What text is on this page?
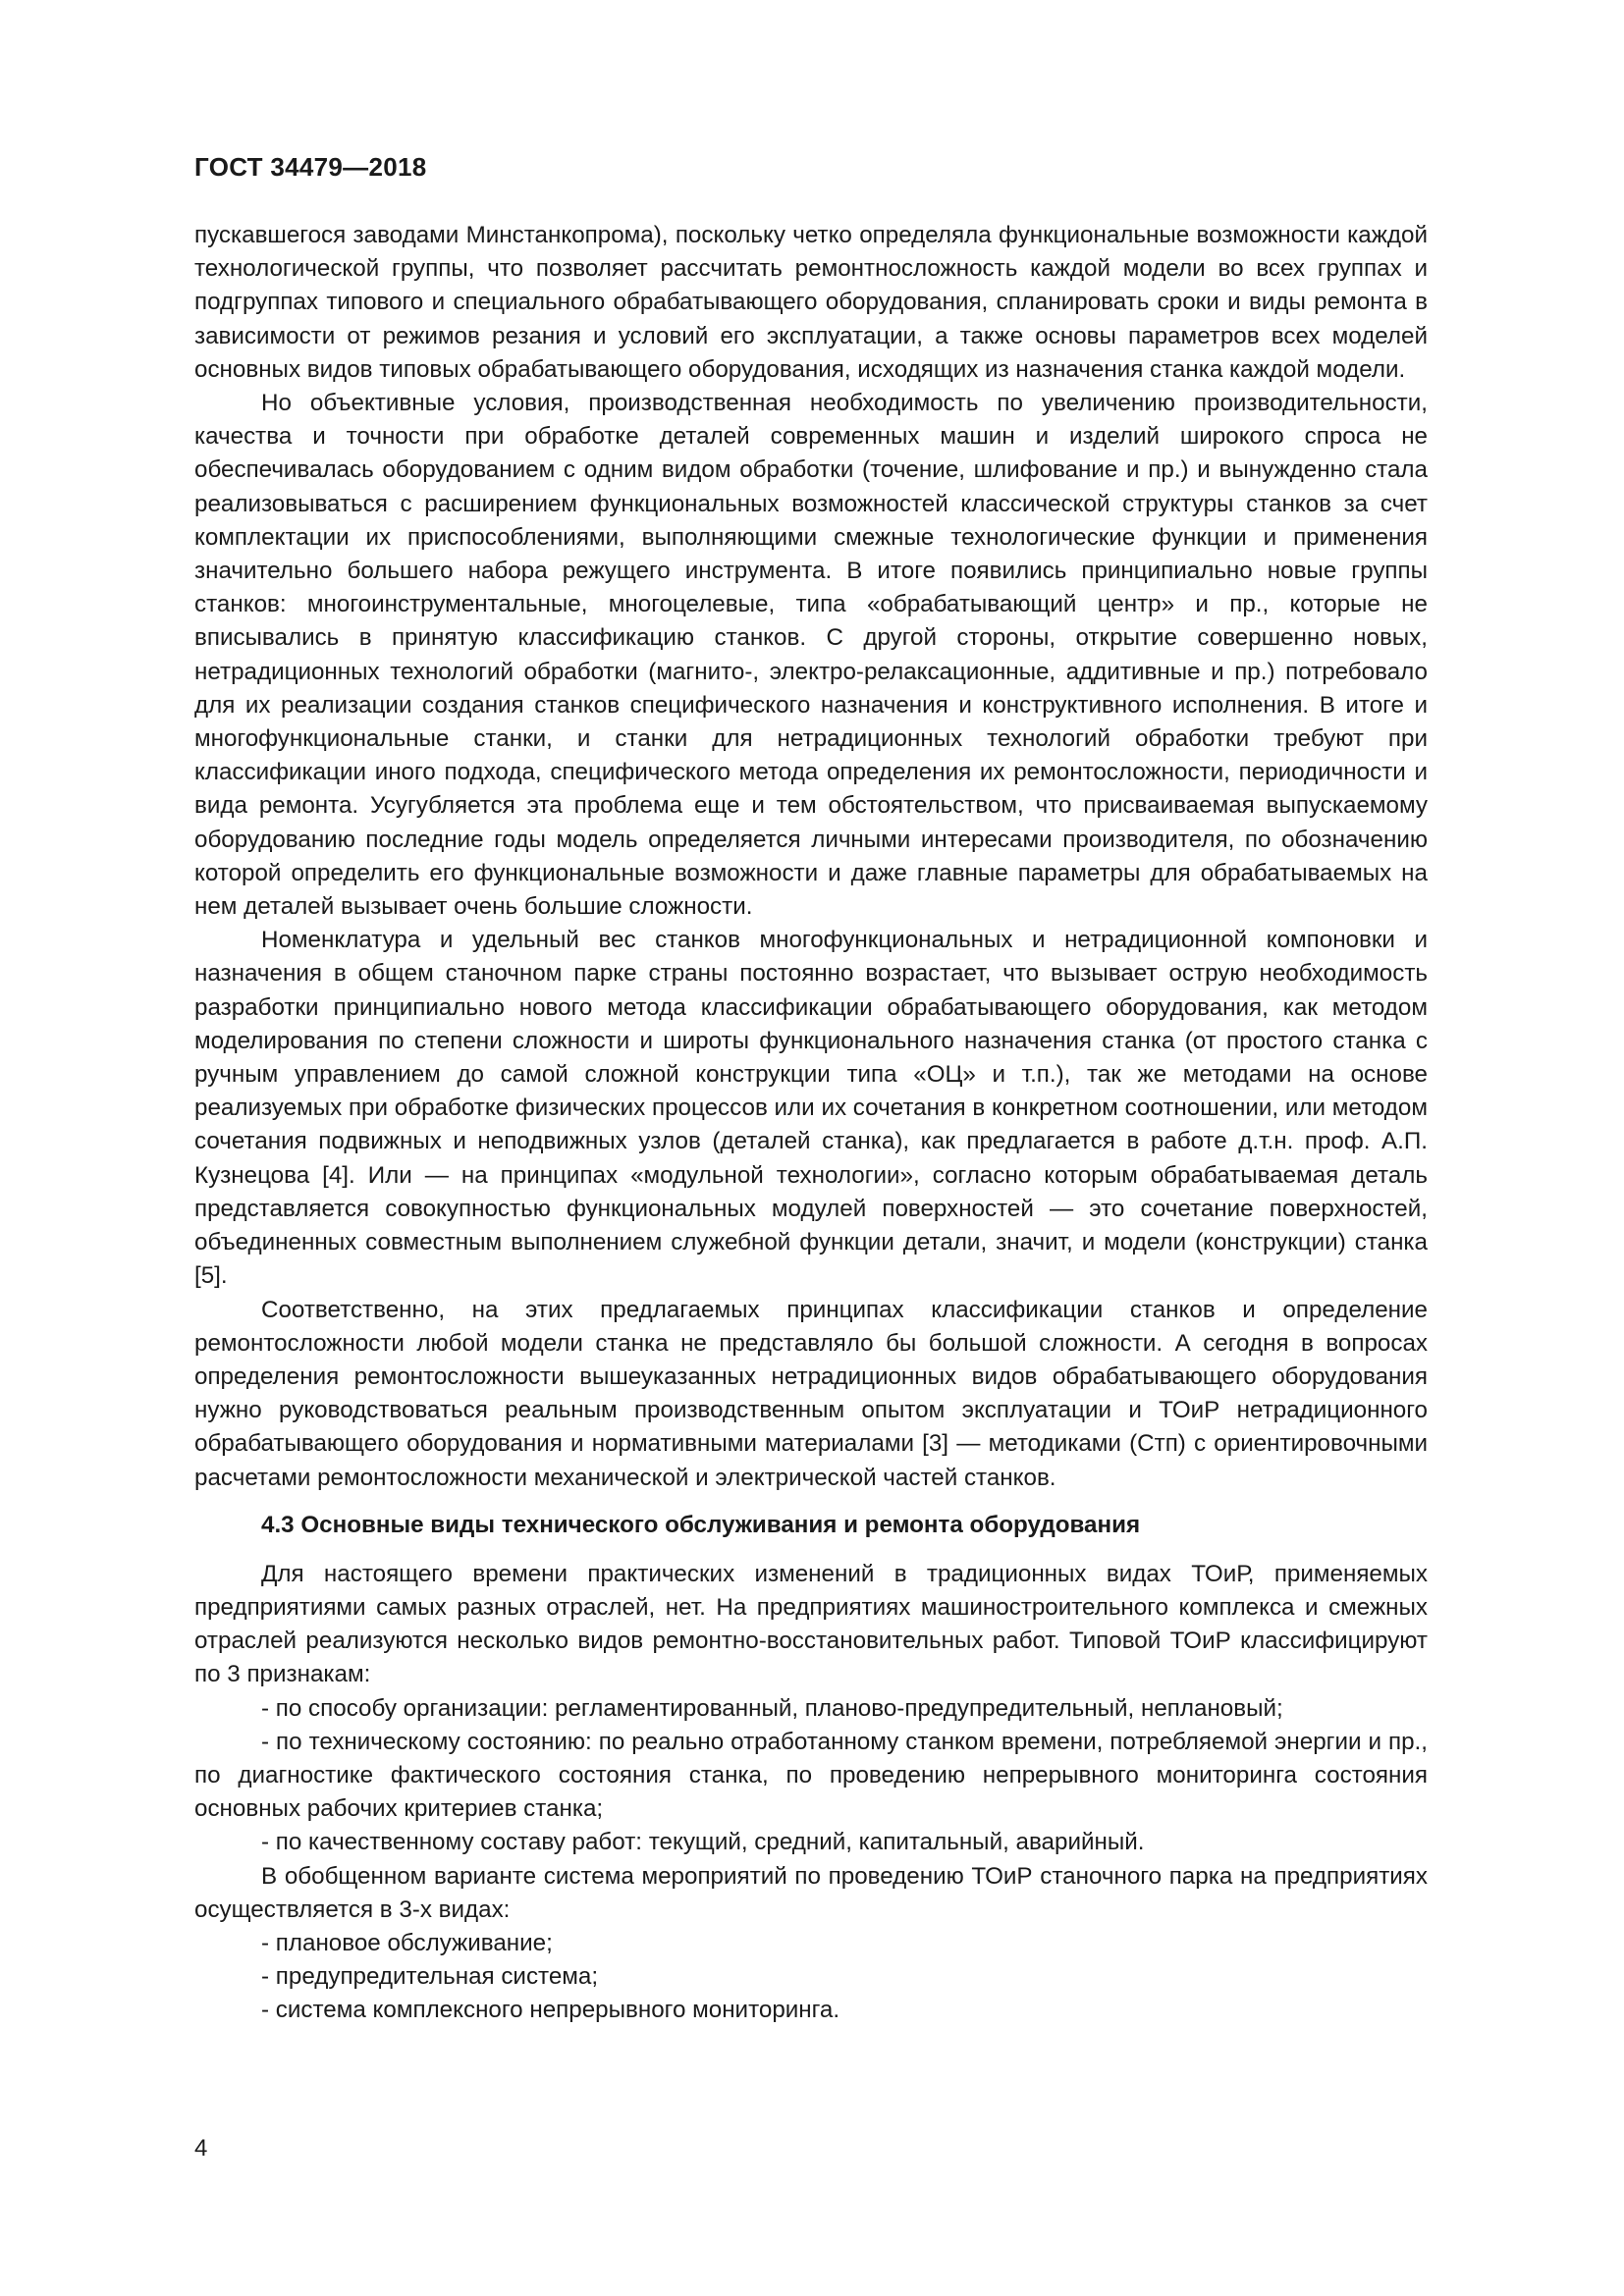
ГОСТ 34479—2018

пускавшегося заводами Минстанкопрома), поскольку четко определяла функциональные возможности каждой технологической группы, что позволяет рассчитать ремонтносложность каждой модели во всех группах и подгруппах типового и специального обрабатывающего оборудования, спланировать сроки и виды ремонта в зависимости от режимов резания и условий его эксплуатации, а также основы параметров всех моделей основных видов типовых обрабатывающего оборудования, исходящих из назначения станка каждой модели.

Но объективные условия, производственная необходимость по увеличению производительности, качества и точности при обработке деталей современных машин и изделий широкого спроса не обеспечивалась оборудованием с одним видом обработки (точение, шлифование и пр.) и вынужденно стала реализовываться с расширением функциональных возможностей классической структуры станков за счет комплектации их приспособлениями, выполняющими смежные технологические функции и применения значительно большего набора режущего инструмента. В итоге появились принципиально новые группы станков: многоинструментальные, многоцелевые, типа «обрабатывающий центр» и пр., которые не вписывались в принятую классификацию станков. С другой стороны, открытие совершенно новых, нетрадиционных технологий обработки (магнито-, электро-релаксационные, аддитивные и пр.) потребовало для их реализации создания станков специфического назначения и конструктивного исполнения. В итоге и многофункциональные станки, и станки для нетрадиционных технологий обработки требуют при классификации иного подхода, специфического метода определения их ремонтосложности, периодичности и вида ремонта. Усугубляется эта проблема еще и тем обстоятельством, что присваиваемая выпускаемому оборудованию последние годы модель определяется личными интересами производителя, по обозначению которой определить его функциональные возможности и даже главные параметры для обрабатываемых на нем деталей вызывает очень большие сложности.

Номенклатура и удельный вес станков многофункциональных и нетрадиционной компоновки и назначения в общем станочном парке страны постоянно возрастает, что вызывает острую необходимость разработки принципиально нового метода классификации обрабатывающего оборудования, как методом моделирования по степени сложности и широты функционального назначения станка (от простого станка с ручным управлением до самой сложной конструкции типа «ОЦ» и т.п.), так же методами на основе реализуемых при обработке физических процессов или их сочетания в конкретном соотношении, или методом сочетания подвижных и неподвижных узлов (деталей станка), как предлагается в работе д.т.н. проф. А.П. Кузнецова [4]. Или — на принципах «модульной технологии», согласно которым обрабатываемая деталь представляется совокупностью функциональных модулей поверхностей — это сочетание поверхностей, объединенных совместным выполнением служебной функции детали, значит, и модели (конструкции) станка [5].

Соответственно, на этих предлагаемых принципах классификации станков и определение ремонтосложности любой модели станка не представляло бы большой сложности. А сегодня в вопросах определения ремонтосложности вышеуказанных нетрадиционных видов обрабатывающего оборудования нужно руководствоваться реальным производственным опытом эксплуатации и ТОиР нетрадиционного обрабатывающего оборудования и нормативными материалами [3] — методиками (Стп) с ориентировочными расчетами ремонтосложности механической и электрической частей станков.

4.3 Основные виды технического обслуживания и ремонта оборудования

Для настоящего времени практических изменений в традиционных видах ТОиР, применяемых предприятиями самых разных отраслей, нет. На предприятиях машиностроительного комплекса и смежных отраслей реализуются несколько видов ремонтно-восстановительных работ. Типовой ТОиР классифицируют по 3 признакам:

- по способу организации: регламентированный, планово-предупредительный, неплановый;

- по техническому состоянию: по реально отработанному станком времени, потребляемой энергии и пр., по диагностике фактического состояния станка, по проведению непрерывного мониторинга состояния основных рабочих критериев станка;

- по качественному составу работ: текущий, средний, капитальный, аварийный.

В обобщенном варианте система мероприятий по проведению ТОиР станочного парка на предприятиях осуществляется в 3-х видах:

- плановое обслуживание;

- предупредительная система;

- система комплексного непрерывного мониторинга.

4
